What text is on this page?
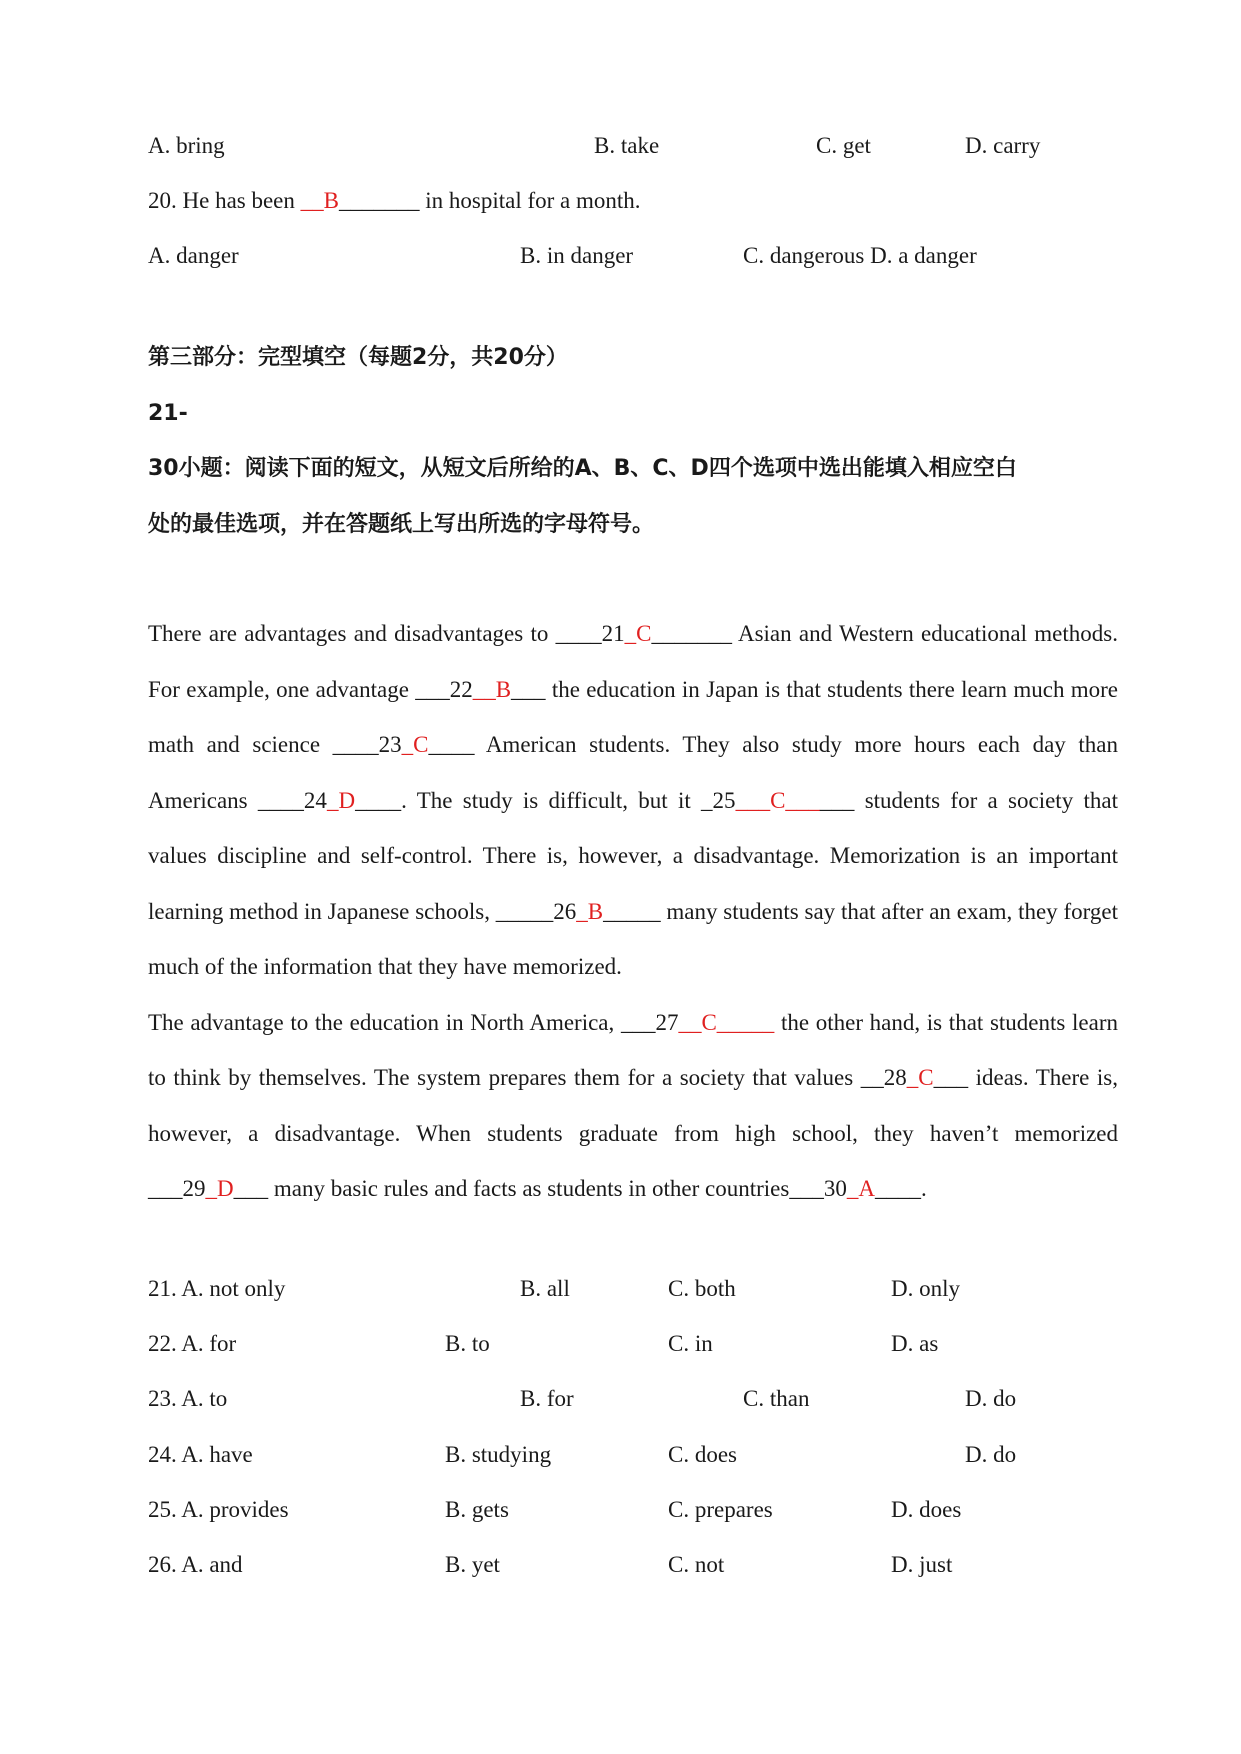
A. bring	B. take	C. get	D. carry
20. He has been __B_______ in hospital for a month.
A. danger	B. in danger	C. dangerous D. a danger
第三部分：完型填空（每题2分，共20分）
21-
30小题：阅读下面的短文，从短文后所给的A、B、C、D四个选项中选出能填入相应空白
处的最佳选项，并在答题纸上写出所选的字母符号。

There are advantages and disadvantages to ____21_C_______ Asian and Western educational methods. For example, one advantage ___22__B___ the education in Japan is that students there learn much more math and science ____23_C____ American students. They also study more hours each day than Americans ____24_D____. The study is difficult, but it _25___C______ students for a society that values discipline and self-control. There is, however, a disadvantage. Memorization is an important learning method in Japanese schools, _____26_B_____ many students say that after an exam, they forget much of the information that they have memorized.

The advantage to the education in North America, ___27__C_____ the other hand, is that students learn to think by themselves. The system prepares them for a society that values __28_C___ ideas. There is, however, a disadvantage. When students graduate from high school, they haven’t memorized ___29_D___ many basic rules and facts as students in other countries___30_A____.

21. A. not only	B. all	C. both	D. only
22. A. for	B. to	C. in	D. as
23. A. to	B. for	C. than	D. do
24. A. have	B. studying	C. does	D. do
25. A. provides	B. gets	C. prepares	D. does
26. A. and	B. yet	C. not	D. just
